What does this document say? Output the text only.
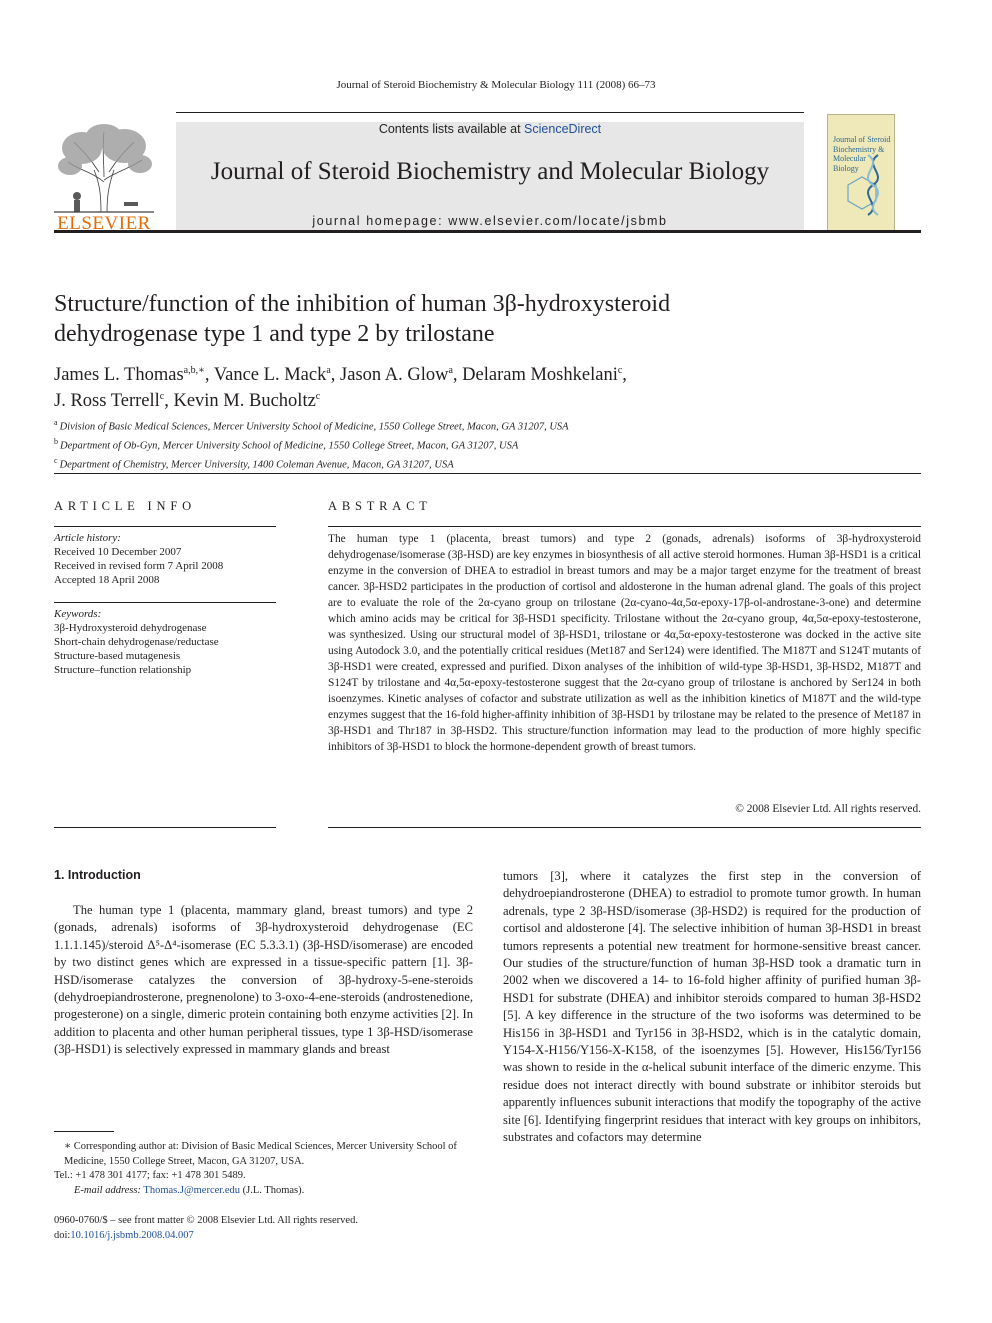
Journal of Steroid Biochemistry & Molecular Biology 111 (2008) 66–73
ELSEVIER
Contents lists available at ScienceDirect
Journal of Steroid Biochemistry and Molecular Biology
journal homepage: www.elsevier.com/locate/jsbmb
Journal of Steroid Biochemistry & Molecular Biology
Structure/function of the inhibition of human 3β-hydroxysteroid
dehydrogenase type 1 and type 2 by trilostane
James L. Thomas$^{a,b,∗}$, Vance L. Mack$^a$, Jason A. Glow$^a$, Delaram Moshkelani$^c$,
J. Ross Terrell$^c$, Kevin M. Bucholtz$^c$
$^a$ Division of Basic Medical Sciences, Mercer University School of Medicine, 1550 College Street, Macon, GA 31207, USA
$^b$ Department of Ob-Gyn, Mercer University School of Medicine, 1550 College Street, Macon, GA 31207, USA
$^c$ Department of Chemistry, Mercer University, 1400 Coleman Avenue, Macon, GA 31207, USA
ARTICLE INFO
Article history:
Received 10 December 2007
Received in revised form 7 April 2008
Accepted 18 April 2008
Keywords:
3β-Hydroxysteroid dehydrogenase
Short-chain dehydrogenase/reductase
Structure-based mutagenesis
Structure–function relationship
ABSTRACT
The human type 1 (placenta, breast tumors) and type 2 (gonads, adrenals) isoforms of 3β-hydroxysteroid dehydrogenase/isomerase (3β-HSD) are key enzymes in biosynthesis of all active steroid hormones. Human 3β-HSD1 is a critical enzyme in the conversion of DHEA to estradiol in breast tumors and may be a major target enzyme for the treatment of breast cancer. 3β-HSD2 participates in the production of cortisol and aldosterone in the human adrenal gland. The goals of this project are to evaluate the role of the 2α-cyano group on trilostane (2α-cyano-4α,5α-epoxy-17β-ol-androstane-3-one) and determine which amino acids may be critical for 3β-HSD1 specificity. Trilostane without the 2α-cyano group, 4α,5α-epoxy-testosterone, was synthesized. Using our structural model of 3β-HSD1, trilostane or 4α,5α-epoxy-testosterone was docked in the active site using Autodock 3.0, and the potentially critical residues (Met187 and Ser124) were identified. The M187T and S124T mutants of 3β-HSD1 were created, expressed and purified. Dixon analyses of the inhibition of wild-type 3β-HSD1, 3β-HSD2, M187T and S124T by trilostane and 4α,5α-epoxy-testosterone suggest that the 2α-cyano group of trilostane is anchored by Ser124 in both isoenzymes. Kinetic analyses of cofactor and substrate utilization as well as the inhibition kinetics of M187T and the wild-type enzymes suggest that the 16-fold higher-affinity inhibition of 3β-HSD1 by trilostane may be related to the presence of Met187 in 3β-HSD1 and Thr187 in 3β-HSD2. This structure/function information may lead to the production of more highly specific inhibitors of 3β-HSD1 to block the hormone-dependent growth of breast tumors.
© 2008 Elsevier Ltd. All rights reserved.
1. Introduction
The human type 1 (placenta, mammary gland, breast tumors) and type 2 (gonads, adrenals) isoforms of 3β-hydroxysteroid dehydrogenase (EC 1.1.1.145)/steroid Δ⁵-Δ⁴-isomerase (EC 5.3.3.1) (3β-HSD/isomerase) are encoded by two distinct genes which are expressed in a tissue-specific pattern [1]. 3β-HSD/isomerase catalyzes the conversion of 3β-hydroxy-5-ene-steroids (dehydroepiandrosterone, pregnenolone) to 3-oxo-4-ene-steroids (androstenedione, progesterone) on a single, dimeric protein containing both enzyme activities [2]. In addition to placenta and other human peripheral tissues, type 1 3β-HSD/isomerase (3β-HSD1) is selectively expressed in mammary glands and breast
tumors [3], where it catalyzes the first step in the conversion of dehydroepiandrosterone (DHEA) to estradiol to promote tumor growth. In human adrenals, type 2 3β-HSD/isomerase (3β-HSD2) is required for the production of cortisol and aldosterone [4]. The selective inhibition of human 3β-HSD1 in breast tumors represents a potential new treatment for hormone-sensitive breast cancer. Our studies of the structure/function of human 3β-HSD took a dramatic turn in 2002 when we discovered a 14- to 16-fold higher affinity of purified human 3β-HSD1 for substrate (DHEA) and inhibitor steroids compared to human 3β-HSD2 [5]. A key difference in the structure of the two isoforms was determined to be His156 in 3β-HSD1 and Tyr156 in 3β-HSD2, which is in the catalytic domain, Y154-X-H156/Y156-X-K158, of the isoenzymes [5]. However, His156/Tyr156 was shown to reside in the α-helical subunit interface of the dimeric enzyme. This residue does not interact directly with bound substrate or inhibitor steroids but apparently influences subunit interactions that modify the topography of the active site [6]. Identifying fingerprint residues that interact with key groups on inhibitors, substrates and cofactors may determine
∗ Corresponding author at: Division of Basic Medical Sciences, Mercer University School of Medicine, 1550 College Street, Macon, GA 31207, USA.
Tel.: +1 478 301 4177; fax: +1 478 301 5489.
E-mail address: Thomas.J@mercer.edu (J.L. Thomas).
0960-0760/$ – see front matter © 2008 Elsevier Ltd. All rights reserved.
doi:10.1016/j.jsbmb.2008.04.007
